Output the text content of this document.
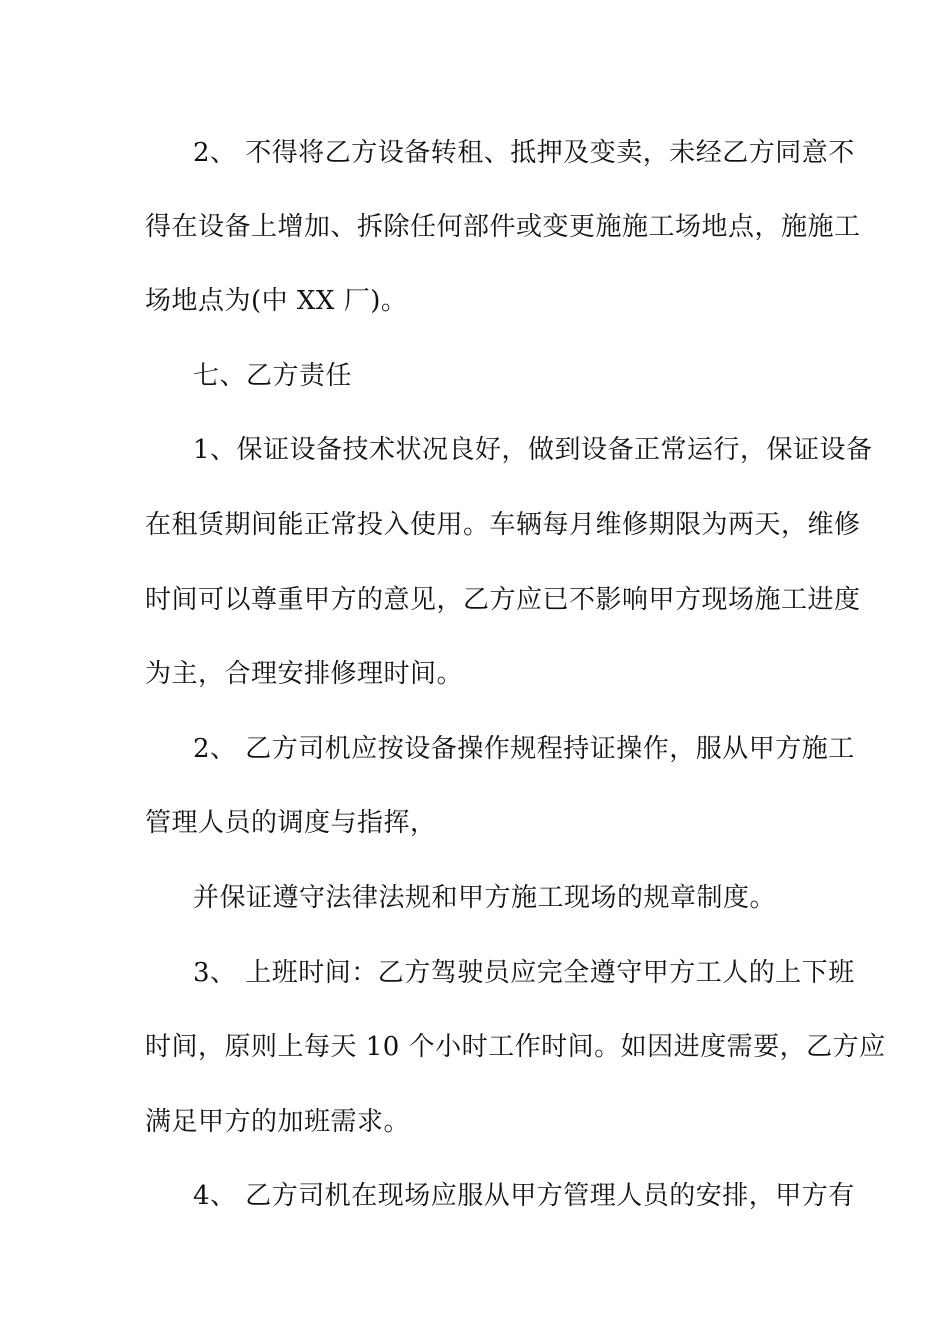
2、 不得将乙方设备转租、抵押及变卖，未经乙方同意不
得在设备上增加、拆除任何部件或变更施施工场地点，施施工
场地点为(中 XX 厂)。
七、乙方责任
1、保证设备技术状况良好，做到设备正常运行，保证设备
在租赁期间能正常投入使用。车辆每月维修期限为两天，维修
时间可以尊重甲方的意见，乙方应已不影响甲方现场施工进度
为主，合理安排修理时间。
2、 乙方司机应按设备操作规程持证操作，服从甲方施工
管理人员的调度与指挥，
并保证遵守法律法规和甲方施工现场的规章制度。
3、 上班时间：乙方驾驶员应完全遵守甲方工人的上下班
时间，原则上每天 10 个小时工作时间。如因进度需要，乙方应
满足甲方的加班需求。
4、 乙方司机在现场应服从甲方管理人员的安排，甲方有
